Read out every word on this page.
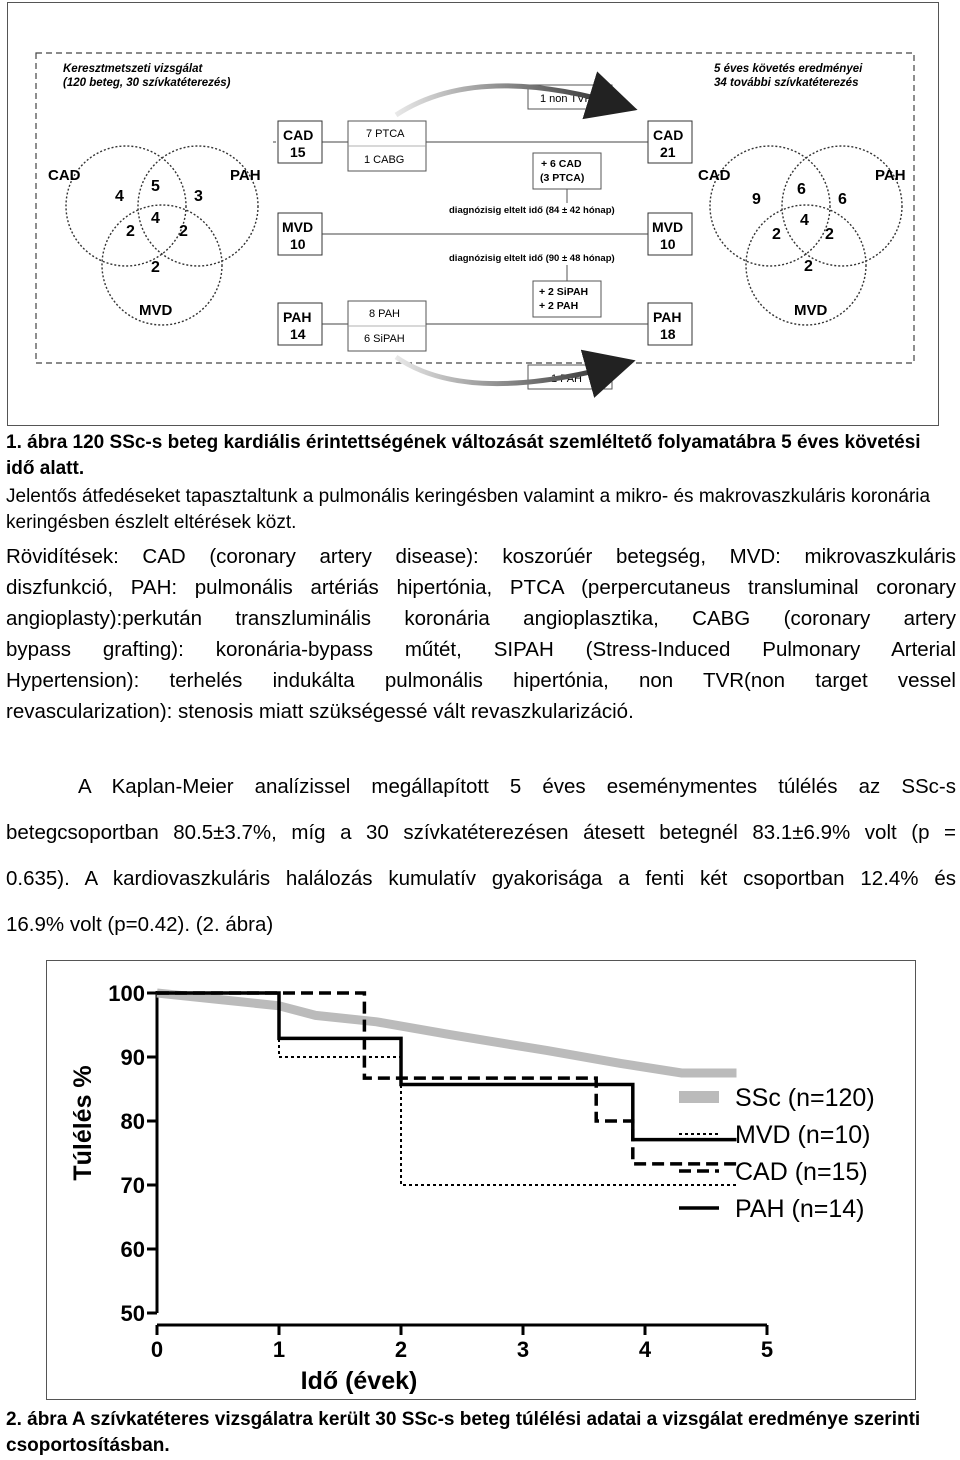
Keresztmetszeti vizsgálat
(120 beteg, 30 szívkatéterezés)
5 éves követés eredményei
34 további szívkatéterezés
CAD	PAH
MVD
4
5
3
2
4
2
2
CAD	PAH
MVD
9
6
6
2
4
2
2
CAD
15
MVD
10
PAH
14
CAD
21
MVD
10
PAH
18
7 PTCA
1 CABG
8 PAH
6 SiPAH
1 non TVR
1 PAH
+ 6 CAD
(3 PTCA)
+ 2 SiPAH
+ 2 PAH
diagnózisig eltelt idő (84 ± 42 hónap)
diagnózisig eltelt idő (90 ± 48 hónap)
1. ábra 120 SSc-s beteg kardiális érintettségének változását szemléltető folyamatábra 5 éves követési idő alatt.
Jelentős átfedéseket tapasztaltunk a pulmonális keringésben valamint a mikro- és makrovaszkuláris koronária keringésben észlelt eltérések közt.
Rövidítések: CAD (coronary artery disease): koszorúér betegség, MVD: mikrovaszkuláris
diszfunkció, PAH: pulmonális artériás hipertónia, PTCA (perpercutaneus transluminal coronary
angioplasty):perkután transzluminális koronária angioplasztika, CABG (coronary artery
bypass grafting): koronária-bypass műtét, SIPAH (Stress-Induced Pulmonary Arterial
Hypertension): terhelés indukálta pulmonális hipertónia, non TVR(non target vessel
revascularization): stenosis miatt szükségessé vált revaszkularizáció.
A Kaplan-Meier analízissel megállapított 5 éves eseménymentes túlélés az SSc-s
betegcsoportban 80.5±3.7%, míg a 30 szívkatéterezésen átesett betegnél 83.1±6.9% volt (p =
0.635). A kardiovaszkuláris halálozás kumulatív gyakorisága a fenti két csoportban 12.4% és
16.9% volt (p=0.42). (2. ábra)
50
60
70
80
90
100
0	1	2	3	4	5
SSc (n=120)
MVD (n=10)
CAD (n=15)
PAH (n=14)
Idő (évek)
Túlélés %
2. ábra A szívkatéteres vizsgálatra került 30 SSc-s beteg túlélési adatai a vizsgálat eredménye szerinti csoportosításban.
